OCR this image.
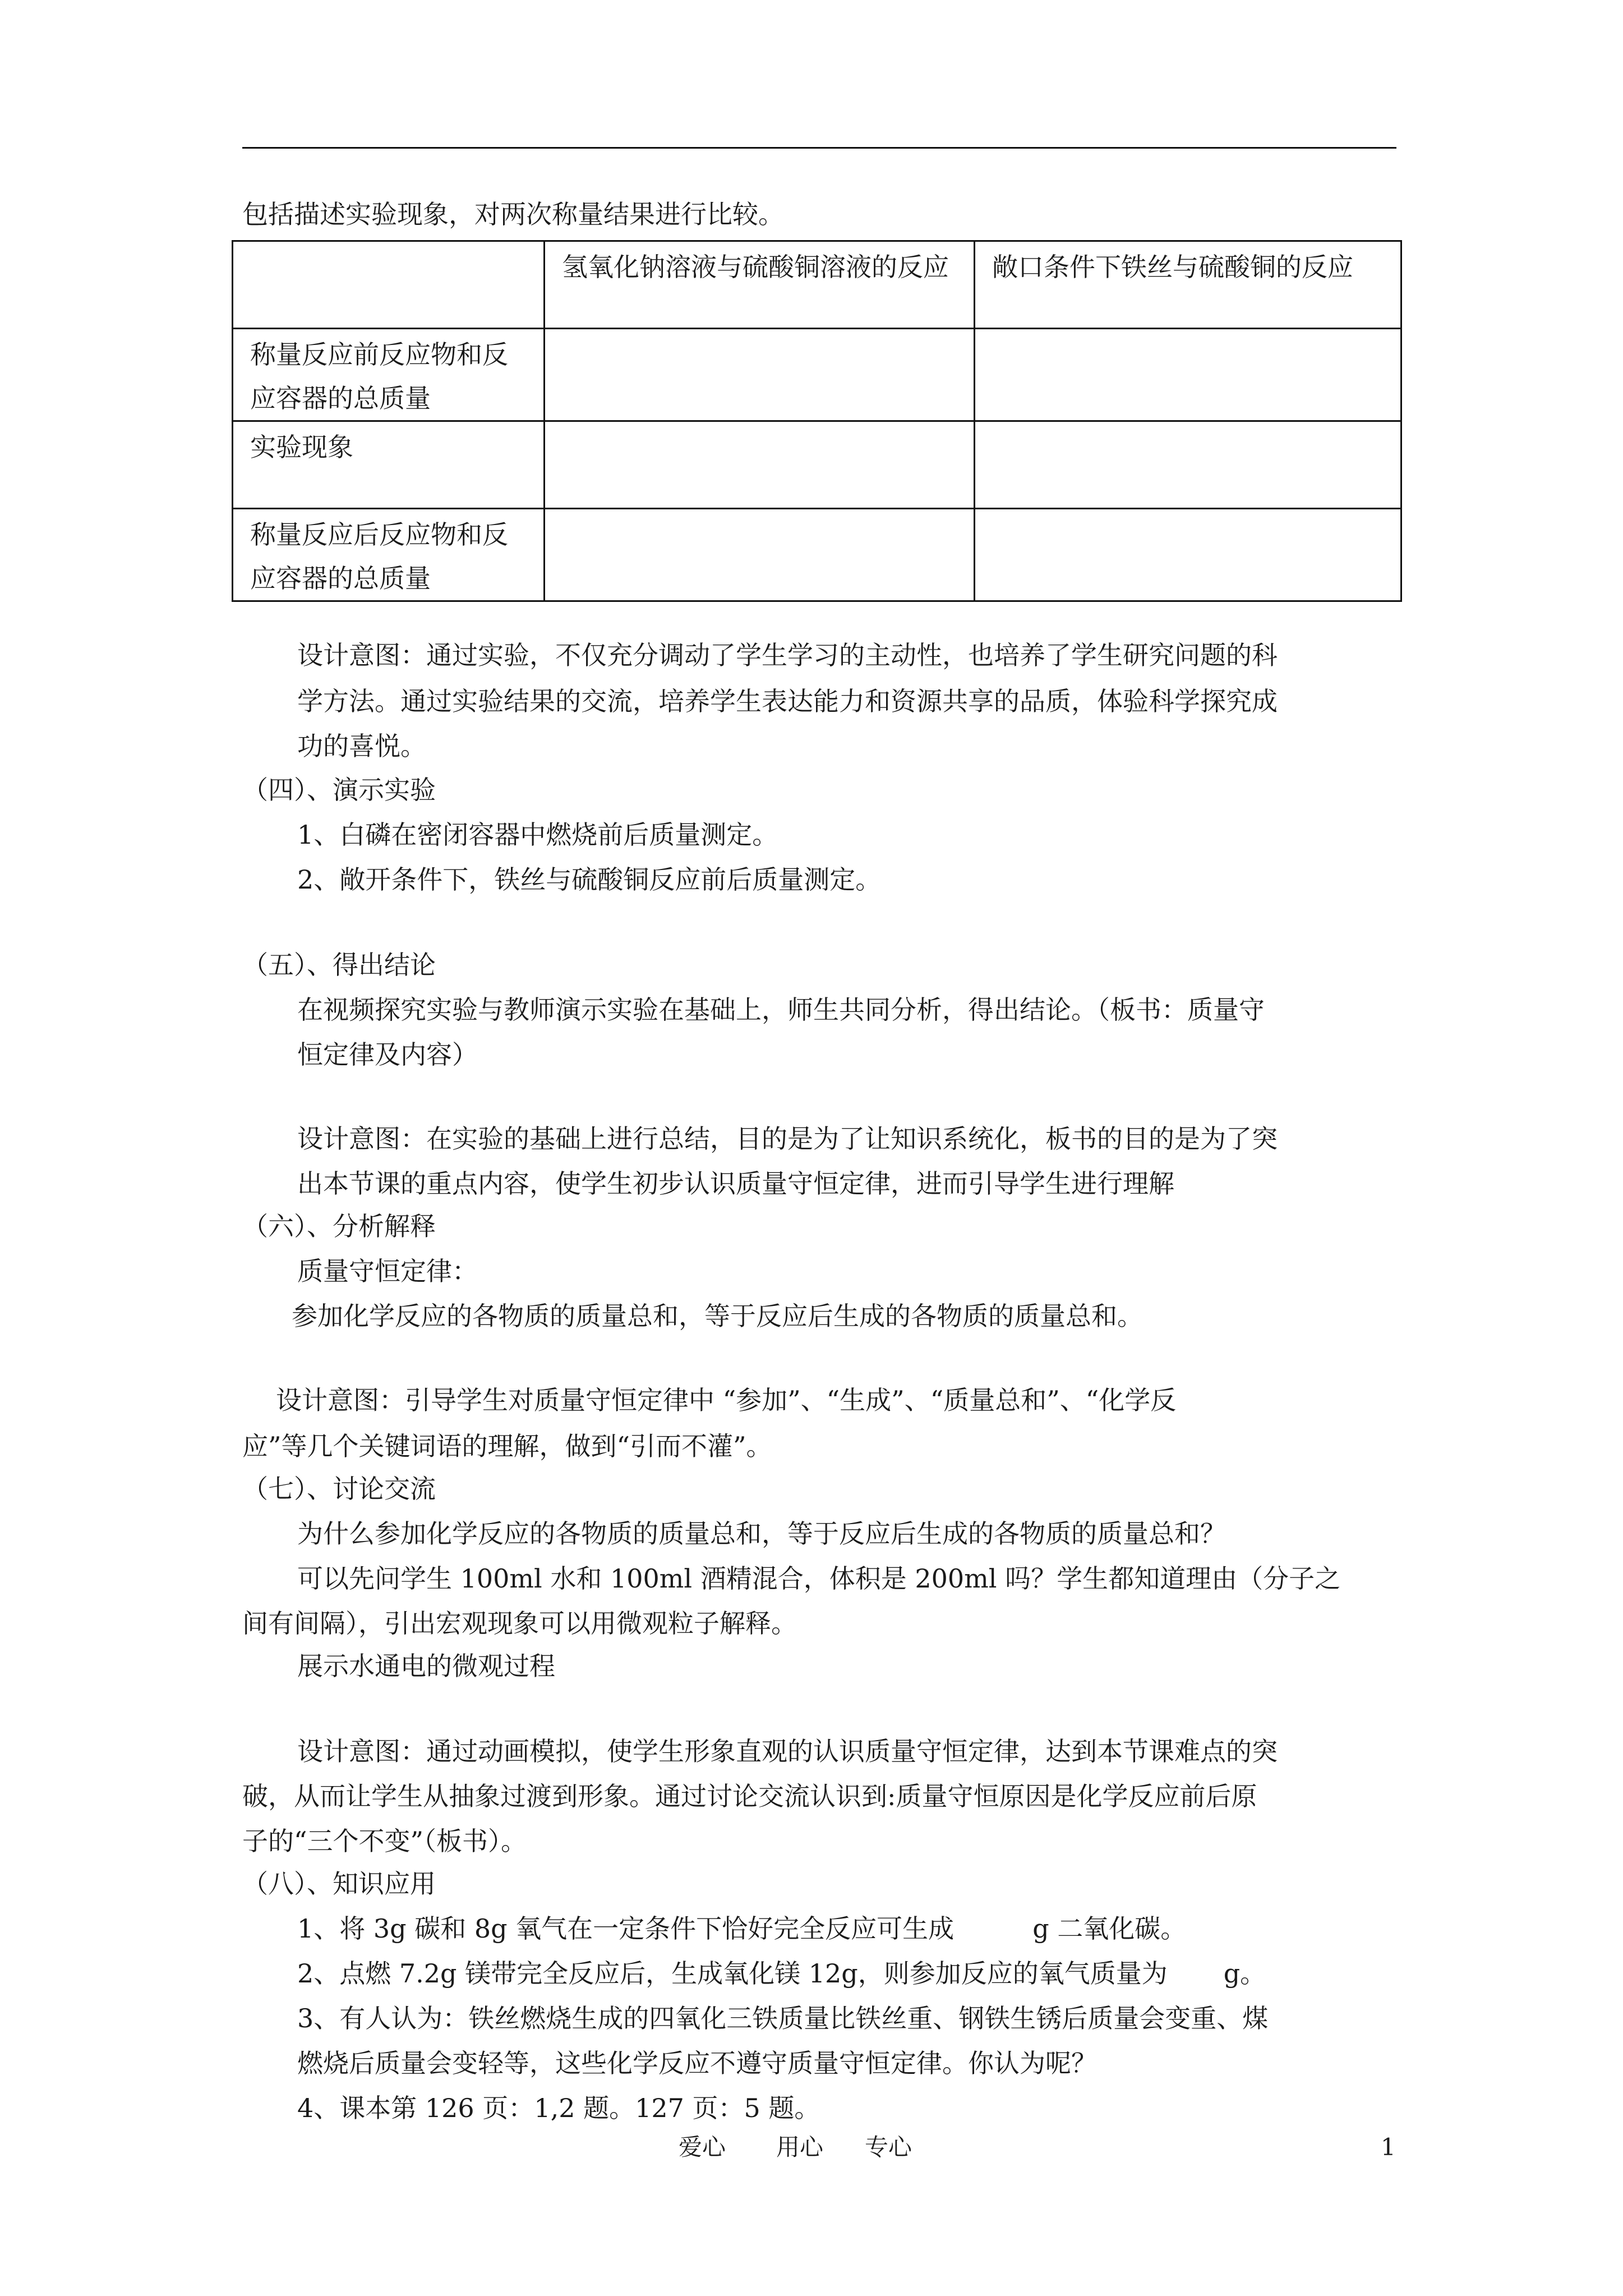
包括描述实验现象，对两次称量结果进行比较。
	氢氧化钠溶液与硫酸铜溶液的反应	敞口条件下铁丝与硫酸铜的反应
称量反应前反应物和反应容器的总质量		
实验现象		
称量反应后反应物和反应容器的总质量		
设计意图：通过实验，不仅充分调动了学生学习的主动性，也培养了学生研究问题的科
学方法。通过实验结果的交流，培养学生表达能力和资源共享的品质，体验科学探究成
功的喜悦。
（四）、演示实验
1、白磷在密闭容器中燃烧前后质量测定。
2、敞开条件下，铁丝与硫酸铜反应前后质量测定。
（五）、得出结论
在视频探究实验与教师演示实验在基础上，师生共同分析，得出结论。（板书：质量守
恒定律及内容）
设计意图：在实验的基础上进行总结，目的是为了让知识系统化，板书的目的是为了突
出本节课的重点内容，使学生初步认识质量守恒定律，进而引导学生进行理解
（六）、分析解释
质量守恒定律：
参加化学反应的各物质的质量总和，等于反应后生成的各物质的质量总和。
设计意图：引导学生对质量守恒定律中 “参加”、“生成”、“质量总和”、“化学反
应”等几个关键词语的理解，做到“引而不灌”。
（七）、讨论交流
为什么参加化学反应的各物质的质量总和，等于反应后生成的各物质的质量总和？
可以先问学生 100ml 水和 100ml 酒精混合，体积是 200ml 吗？学生都知道理由（分子之
间有间隔），引出宏观现象可以用微观粒子解释。
展示水通电的微观过程
设计意图：通过动画模拟，使学生形象直观的认识质量守恒定律，达到本节课难点的突
破，从而让学生从抽象过渡到形象。通过讨论交流认识到:质量守恒原因是化学反应前后原
子的“三个不变”（板书）。
（八）、知识应用
1、将 3g 碳和 8g 氧气在一定条件下恰好完全反应可生成	g 二氧化碳。
2、点燃 7.2g 镁带完全反应后，生成氧化镁 12g，则参加反应的氧气质量为 g。
3、有人认为：铁丝燃烧生成的四氧化三铁质量比铁丝重、钢铁生锈后质量会变重、煤
燃烧后质量会变轻等，这些化学反应不遵守质量守恒定律。你认为呢？
4、课本第 126 页：1,2 题。127 页：5 题。
爱心 用心 专心	1
